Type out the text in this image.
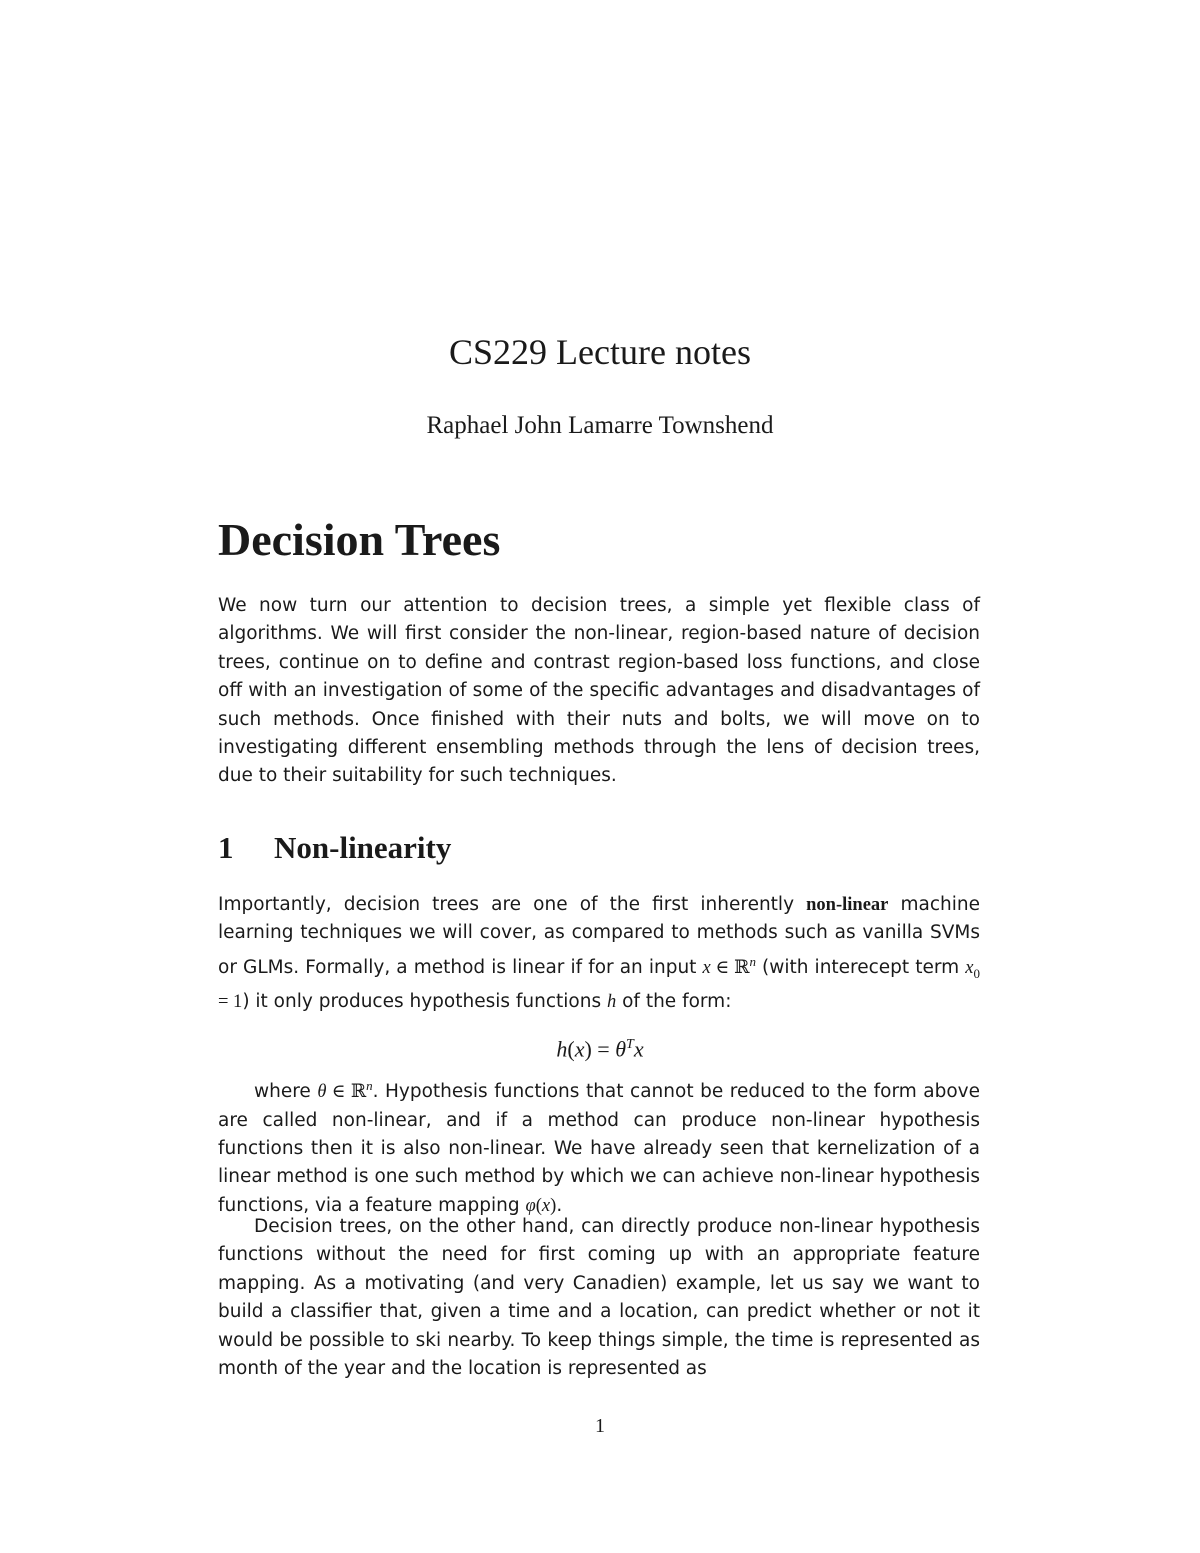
CS229 Lecture notes
Raphael John Lamarre Townshend
Decision Trees

We now turn our attention to decision trees, a simple yet flexible class of algorithms. We will first consider the non-linear, region-based nature of decision trees, continue on to define and contrast region-based loss functions, and close off with an investigation of some of the specific advantages and disadvantages of such methods. Once finished with their nuts and bolts, we will move on to investigating different ensembling methods through the lens of decision trees, due to their suitability for such techniques.

1 Non-linearity

Importantly, decision trees are one of the first inherently non-linear machine learning techniques we will cover, as compared to methods such as vanilla SVMs or GLMs. Formally, a method is linear if for an input x ∈ ℝ$^n$ (with interecept term $x_0 = 1$) it only produces hypothesis functions h of the form:

$h(x) = \theta^Tx$

where θ ∈ ℝ$^n$. Hypothesis functions that cannot be reduced to the form above are called non-linear, and if a method can produce non-linear hypothesis functions then it is also non-linear. We have already seen that kernelization of a linear method is one such method by which we can achieve non-linear hypothesis functions, via a feature mapping φ(x).

Decision trees, on the other hand, can directly produce non-linear hypothesis functions without the need for first coming up with an appropriate feature mapping. As a motivating (and very Canadien) example, let us say we want to build a classifier that, given a time and a location, can predict whether or not it would be possible to ski nearby. To keep things simple, the time is represented as month of the year and the location is represented as

1
